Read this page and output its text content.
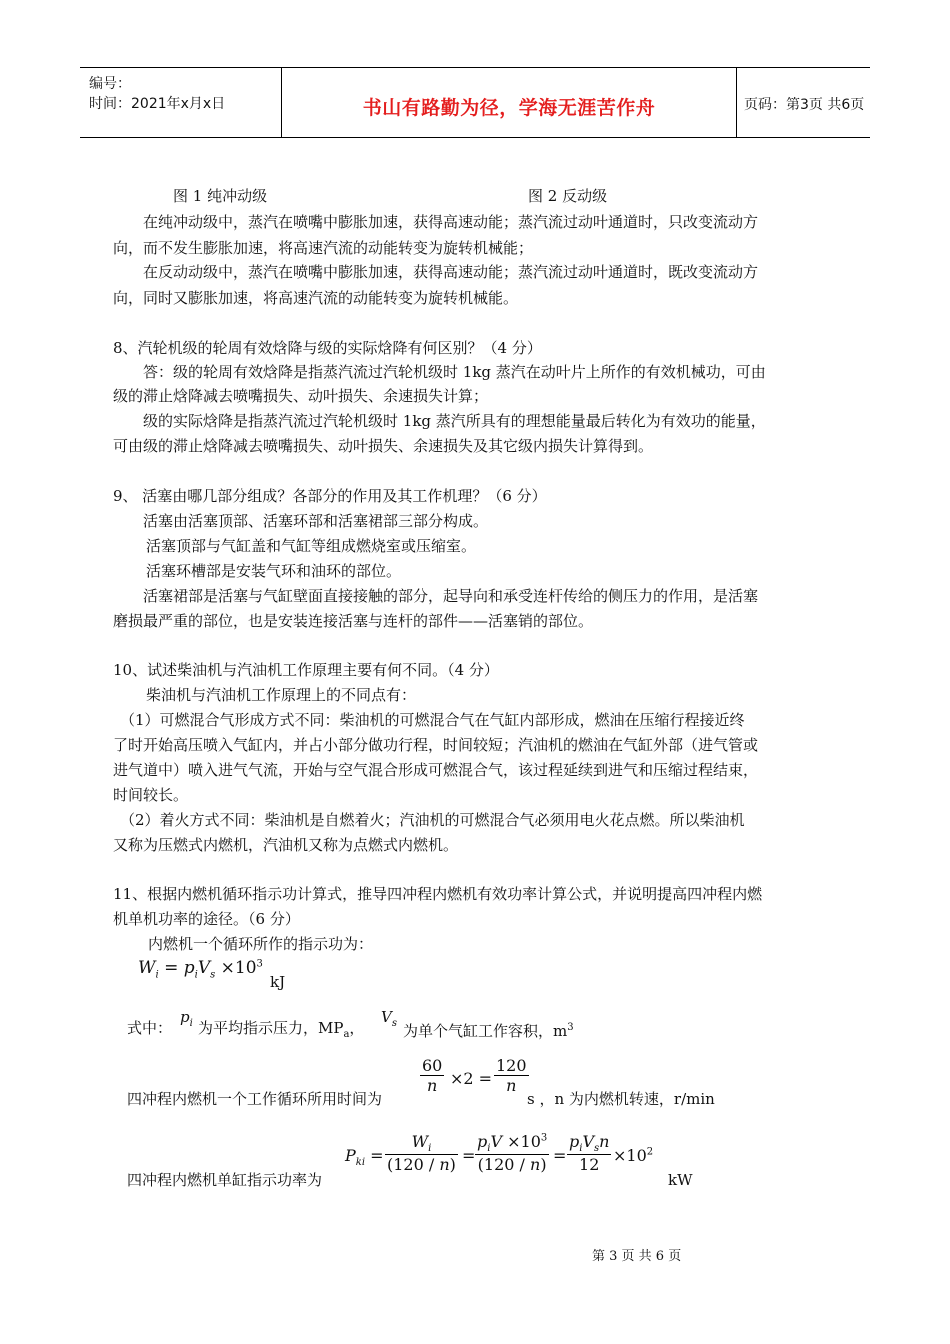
编号：
时间：2021年x月x日	书山有路勤为径，学海无涯苦作舟	页码：第3页 共6页
图 1 纯冲动级	图 2 反动级
在纯冲动级中，蒸汽在喷嘴中膨胀加速，获得高速动能；蒸汽流过动叶通道时，只改变流动方
向，而不发生膨胀加速，将高速汽流的动能转变为旋转机械能；
在反动动级中，蒸汽在喷嘴中膨胀加速，获得高速动能；蒸汽流过动叶通道时，既改变流动方
向，同时又膨胀加速，将高速汽流的动能转变为旋转机械能。
8、汽轮机级的轮周有效焓降与级的实际焓降有何区别？（4 分）
答：级的轮周有效焓降是指蒸汽流过汽轮机级时 1kg 蒸汽在动叶片上所作的有效机械功，可由
级的滞止焓降减去喷嘴损失、动叶损失、余速损失计算；
级的实际焓降是指蒸汽流过汽轮机级时 1kg 蒸汽所具有的理想能量最后转化为有效功的能量，
可由级的滞止焓降减去喷嘴损失、动叶损失、余速损失及其它级内损失计算得到。
9、 活塞由哪几部分组成？各部分的作用及其工作机理？（6 分）
活塞由活塞顶部、活塞环部和活塞裙部三部分构成。
活塞顶部与气缸盖和气缸等组成燃烧室或压缩室。
活塞环槽部是安装气环和油环的部位。
活塞裙部是活塞与气缸壁面直接接触的部分，起导向和承受连杆传给的侧压力的作用，是活塞
磨损最严重的部位，也是安装连接活塞与连杆的部件——活塞销的部位。
10、试述柴油机与汽油机工作原理主要有何不同。（4 分）
柴油机与汽油机工作原理上的不同点有：
（1）可燃混合气形成方式不同：柴油机的可燃混合气在气缸内部形成，燃油在压缩行程接近终
了时开始高压喷入气缸内，并占小部分做功行程，时间较短；汽油机的燃油在气缸外部（进气管或
进气道中）喷入进气气流，开始与空气混合形成可燃混合气，该过程延续到进气和压缩过程结束，
时间较长。
（2）着火方式不同：柴油机是自燃着火；汽油机的可燃混合气必须用电火花点燃。所以柴油机
又称为压燃式内燃机，汽油机又称为点燃式内燃机。
11、根据内燃机循环指示功计算式，推导四冲程内燃机有效功率计算公式，并说明提高四冲程内燃
机单机功率的途径。（6 分）
内燃机一个循环所作的指示功为：
$W_i = p_iV_s \times 10^3$
kJ
式中：
$p_i$ 为平均指示压力，$MP_a$，
$V_s$ 为单个气缸工作容积，$m^3$
四冲程内燃机一个工作循环所用时间为
$\frac{60}{n} \times 2 = \frac{120}{n}$
s ，n 为内燃机转速，r/min
四冲程内燃机单缸指示功率为
$P_{ki} = \frac{W_i}{(120 / n)}$ =
$p_iV \times 10^3$
(120 / n) =
$p_iV_sn$
$12 \times 10^2$
kW
第 3 页 共 6 页
